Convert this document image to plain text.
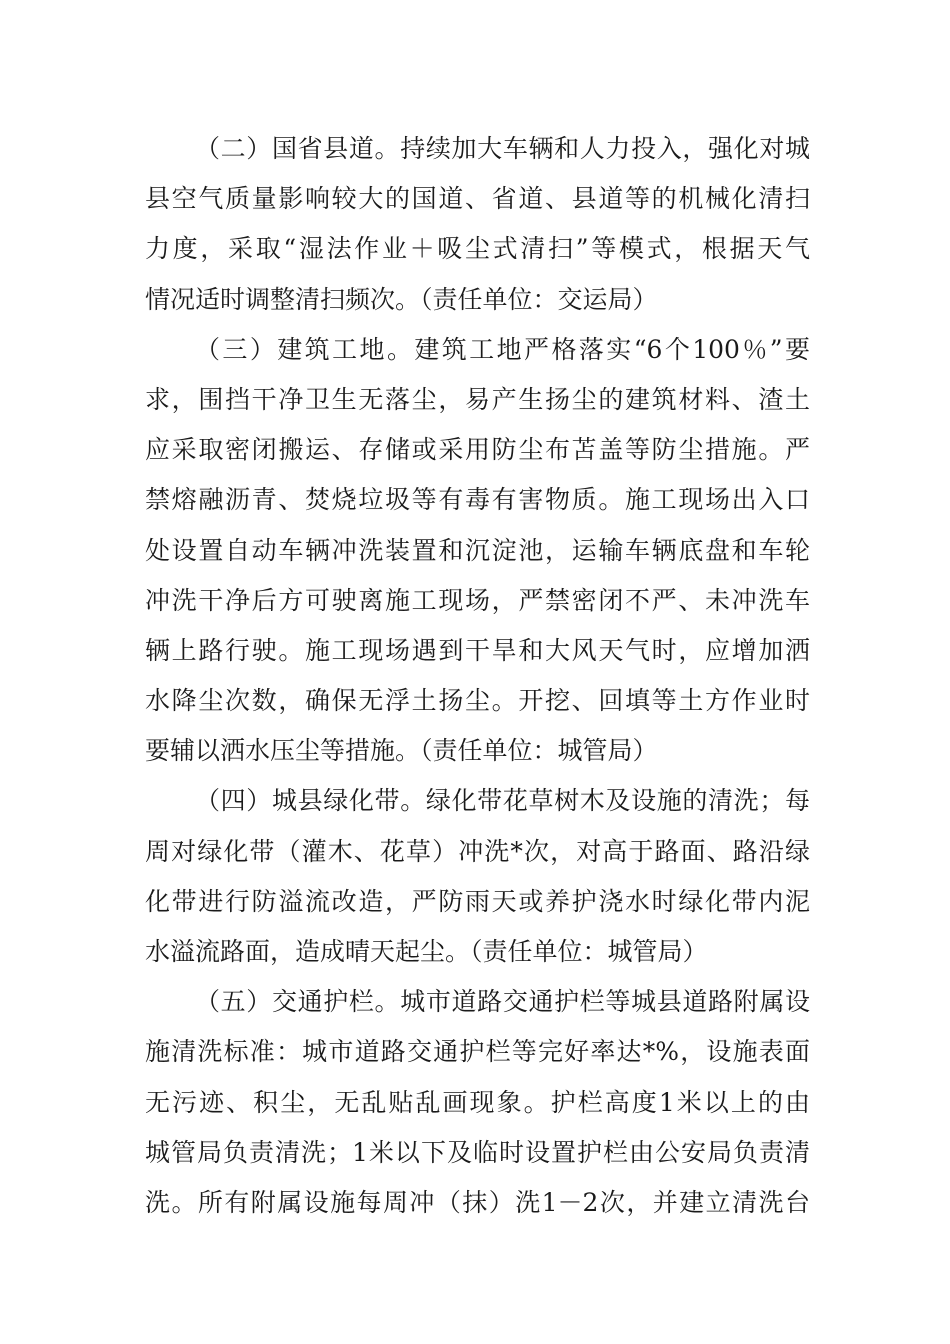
（二）国省县道。持续加大车辆和人力投入，强化对城
县空气质量影响较大的国道、省道、县道等的机械化清扫
力度，采取“湿法作业＋吸尘式清扫”等模式，根据天气
情况适时调整清扫频次。（责任单位：交运局）
（三）建筑工地。建筑工地严格落实“6个100％”要
求，围挡干净卫生无落尘，易产生扬尘的建筑材料、渣土
应采取密闭搬运、存储或采用防尘布苫盖等防尘措施。严
禁熔融沥青、焚烧垃圾等有毒有害物质。施工现场出入口
处设置自动车辆冲洗装置和沉淀池，运输车辆底盘和车轮
冲洗干净后方可驶离施工现场，严禁密闭不严、未冲洗车
辆上路行驶。施工现场遇到干旱和大风天气时，应增加洒
水降尘次数，确保无浮土扬尘。开挖、回填等土方作业时
要辅以洒水压尘等措施。（责任单位：城管局）
（四）城县绿化带。绿化带花草树木及设施的清洗；每
周对绿化带（灌木、花草）冲洗*次，对高于路面、路沿绿
化带进行防溢流改造，严防雨天或养护浇水时绿化带内泥
水溢流路面，造成晴天起尘。（责任单位：城管局）
（五）交通护栏。城市道路交通护栏等城县道路附属设
施清洗标准：城市道路交通护栏等完好率达*%，设施表面
无污迹、积尘，无乱贴乱画现象。护栏高度1米以上的由
城管局负责清洗；1米以下及临时设置护栏由公安局负责清
洗。所有附属设施每周冲（抹）洗1－2次，并建立清洗台
